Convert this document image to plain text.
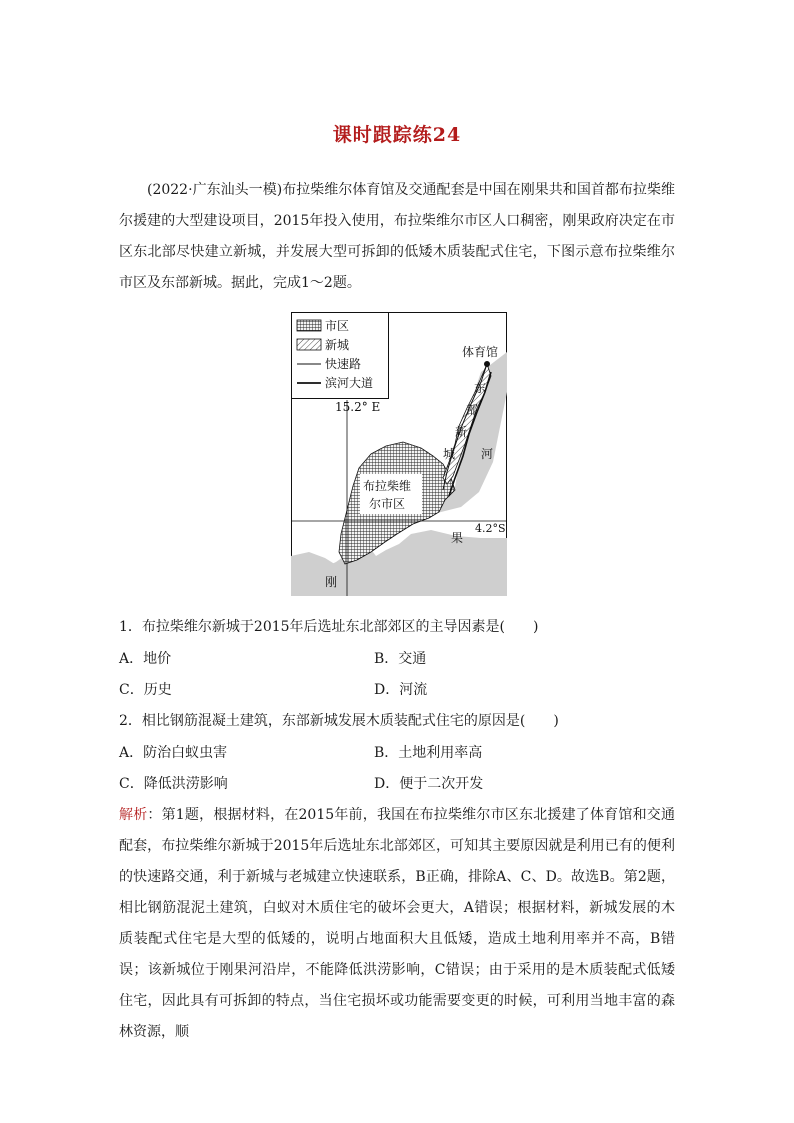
课时跟踪练24

(2022·广东汕头一模)布拉柴维尔体育馆及交通配套是中国在刚果共和国首都布拉柴维尔援建的大型建设项目，2015年投入使用，布拉柴维尔市区人口稠密，刚果政府决定在市区东北部尽快建立新城，并发展大型可拆卸的低矮木质装配式住宅，下图示意布拉柴维尔市区及东部新城。据此，完成1～2题。

市区
新城
快速路
滨河大道
体育馆
15.2° E
4.2°S
布拉柴维
尔市区
东
部
新
城 河
果
刚

1．布拉柴维尔新城于2015年后选址东北部郊区的主导因素是( )

A．地价	B．交通

C．历史	D．河流

2．相比钢筋混凝土建筑，东部新城发展木质装配式住宅的原因是( )

A．防治白蚁虫害	B．土地利用率高

C．降低洪涝影响	D．便于二次开发

解析：第1题，根据材料，在2015年前，我国在布拉柴维尔市区东北援建了体育馆和交通配套，布拉柴维尔新城于2015年后选址东北部郊区，可知其主要原因就是利用已有的便利的快速路交通，利于新城与老城建立快速联系，B正确，排除A、C、D。故选B。第2题，相比钢筋混泥土建筑，白蚁对木质住宅的破坏会更大，A错误；根据材料，新城发展的木质装配式住宅是大型的低矮的，说明占地面积大且低矮，造成土地利用率并不高，B错误；该新城位于刚果河沿岸，不能降低洪涝影响，C错误；由于采用的是木质装配式低矮住宅，因此具有可拆卸的特点，当住宅损坏或功能需要变更的时候，可利用当地丰富的森林资源，顺
